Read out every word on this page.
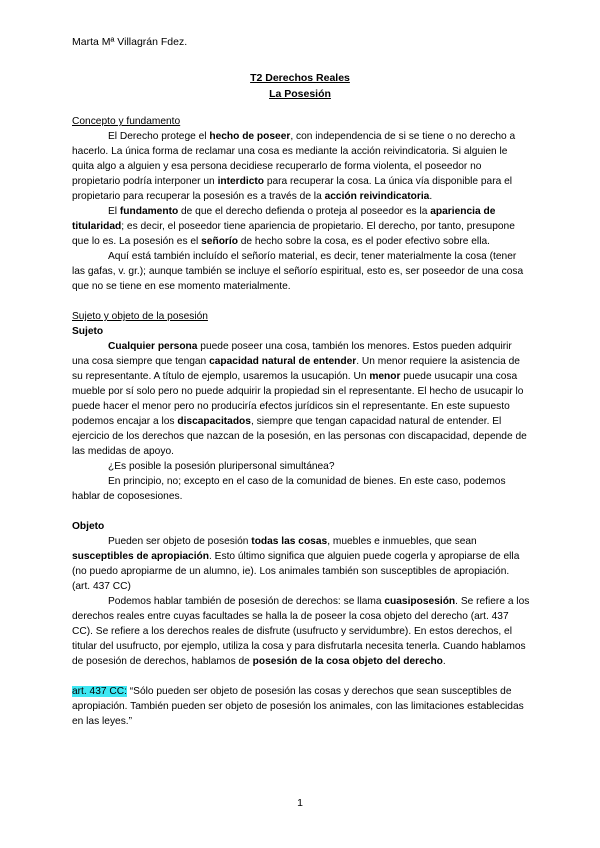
Marta Mª Villagrán Fdez.
T2 Derechos Reales
La Posesión

Concepto y fundamento

El Derecho protege el hecho de poseer, con independencia de si se tiene o no derecho a hacerlo. La única forma de reclamar una cosa es mediante la acción reivindicatoria. Si alguien le quita algo a alguien y esa persona decidiese recuperarlo de forma violenta, el poseedor no propietario podría interponer un interdicto para recuperar la cosa. La única vía disponible para el propietario para recuperar la posesión es a través de la acción reivindicatoria.

El fundamento de que el derecho defienda o proteja al poseedor es la apariencia de titularidad; es decir, el poseedor tiene apariencia de propietario. El derecho, por tanto, presupone que lo es. La posesión es el señorío de hecho sobre la cosa, es el poder efectivo sobre ella.

Aquí está también incluído el señorío material, es decir, tener materialmente la cosa (tener las gafas, v. gr.); aunque también se incluye el señorío espiritual, esto es, ser poseedor de una cosa que no se tiene en ese momento materialmente.

Sujeto y objeto de la posesión

Sujeto

Cualquier persona puede poseer una cosa, también los menores. Estos pueden adquirir una cosa siempre que tengan capacidad natural de entender. Un menor requiere la asistencia de su representante. A título de ejemplo, usaremos la usucapión. Un menor puede usucapir una cosa mueble por sí solo pero no puede adquirir la propiedad sin el representante. El hecho de usucapir lo puede hacer el menor pero no produciría efectos jurídicos sin el representante. En este supuesto podemos encajar a los discapacitados, siempre que tengan capacidad natural de entender. El ejercicio de los derechos que nazcan de la posesión, en las personas con discapacidad, depende de las medidas de apoyo.

¿Es posible la posesión pluripersonal simultánea?

En principio, no; excepto en el caso de la comunidad de bienes. En este caso, podemos hablar de coposesiones.

Objeto

Pueden ser objeto de posesión todas las cosas, muebles e inmuebles, que sean susceptibles de apropiación. Esto último significa que alguien puede cogerla y apropiarse de ella (no puedo apropiarme de un alumno, ie). Los animales también son susceptibles de apropiación. (art. 437 CC)

Podemos hablar también de posesión de derechos: se llama cuasiposesión. Se refiere a los derechos reales entre cuyas facultades se halla la de poseer la cosa objeto del derecho (art. 437 CC). Se refiere a los derechos reales de disfrute (usufructo y servidumbre). En estos derechos, el titular del usufructo, por ejemplo, utiliza la cosa y para disfrutarla necesita tenerla. Cuando hablamos de posesión de derechos, hablamos de posesión de la cosa objeto del derecho.

art. 437 CC: “Sólo pueden ser objeto de posesión las cosas y derechos que sean susceptibles de apropiación. También pueden ser objeto de posesión los animales, con las limitaciones establecidas en las leyes.”

1
